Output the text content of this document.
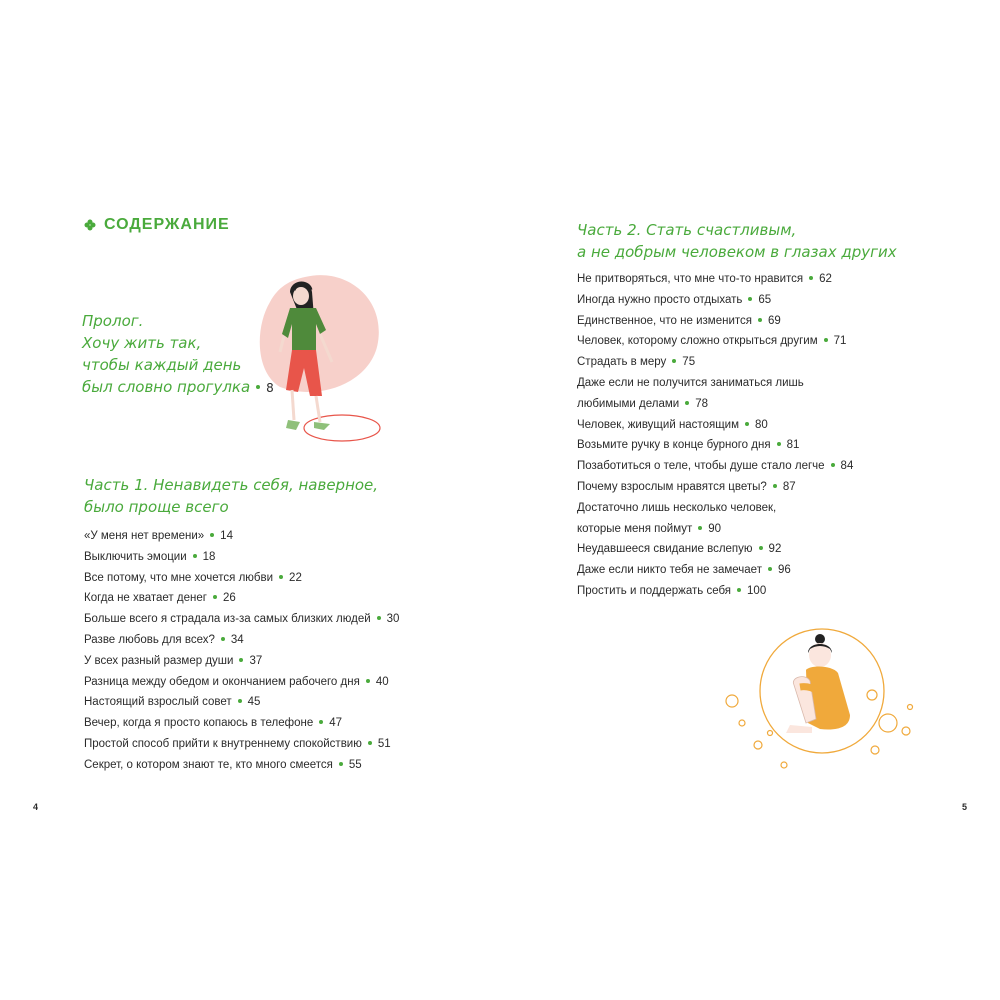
СОДЕРЖАНИЕ
Пролог.
Хочу жить так,
чтобы каждый день
был словно прогулка 8
Часть 1. Ненавидеть себя, наверное,
было проще всего
«У меня нет времени» 14
Выключить эмоции 18
Все потому, что мне хочется любви 22
Когда не хватает денег 26
Больше всего я страдала из-за самых близких людей 30
Разве любовь для всех? 34
У всех разный размер души 37
Разница между обедом и окончанием рабочего дня 40
Настоящий взрослый совет 45
Вечер, когда я просто копаюсь в телефоне 47
Простой способ прийти к внутреннему спокойствию 51
Секрет, о котором знают те, кто много смеется 55
Часть 2. Стать счастливым,
а не добрым человеком в глазах других
Не притворяться, что мне что-то нравится 62
Иногда нужно просто отдыхать 65
Единственное, что не изменится 69
Человек, которому сложно открыться другим 71
Страдать в меру 75
Даже если не получится заниматься лишь
любимыми делами 78
Человек, живущий настоящим 80
Возьмите ручку в конце бурного дня 81
Позаботиться о теле, чтобы душе стало легче 84
Почему взрослым нравятся цветы? 87
Достаточно лишь несколько человек,
которые меня поймут 90
Неудавшееся свидание вслепую 92
Даже если никто тебя не замечает 96
Простить и поддержать себя 100
4	5
